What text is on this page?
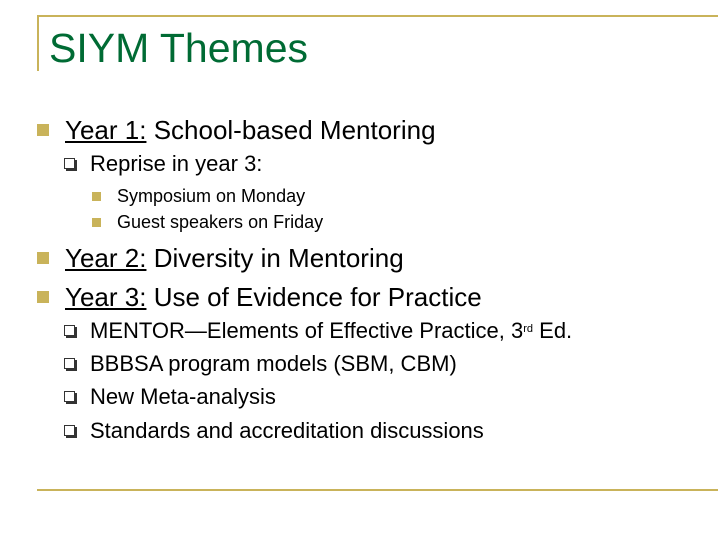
SIYM Themes
Year 1: School-based Mentoring
Reprise in year 3:
Symposium on Monday
Guest speakers on Friday
Year 2: Diversity in Mentoring
Year 3: Use of Evidence for Practice
MENTOR—Elements of Effective Practice, 3rd Ed.
BBBSA program models (SBM, CBM)
New Meta-analysis
Standards and accreditation discussions
